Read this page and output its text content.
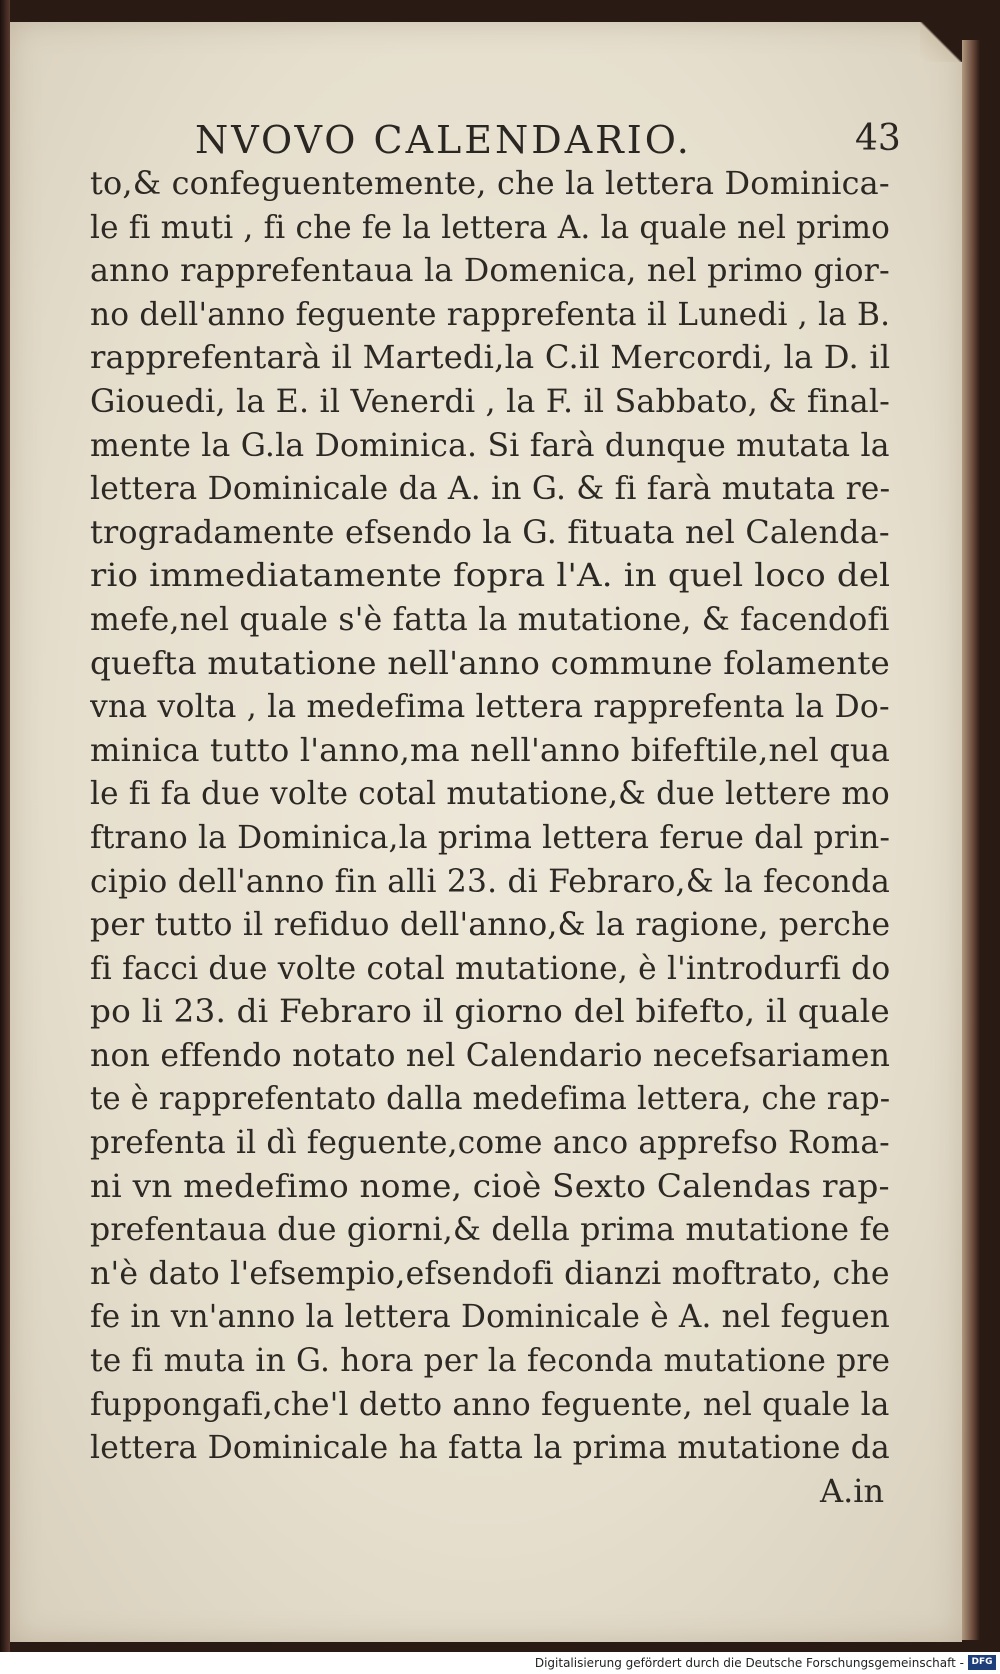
NVOVO CALENDARIO.	43
to,& confeguentemente, che la lettera Dominica-
le fi muti , fi che fe la lettera A. la quale nel primo
anno rapprefentaua la Domenica, nel primo gior-
no dell'anno feguente rapprefenta il Lunedi , la B.
rapprefentarà il Martedi,la C.il Mercordi, la D. il
Giouedi, la E. il Venerdi , la F. il Sabbato, & final-
mente la G.la Dominica. Si farà dunque mutata la
lettera Dominicale da A. in G. & fi farà mutata re-
trogradamente efsendo la G. fituata nel Calenda-
rio immediatamente fopra l'A. in quel loco del
mefe,nel quale s'è fatta la mutatione, & facendofi
quefta mutatione nell'anno commune folamente
vna volta , la medefima lettera rapprefenta la Do-
minica tutto l'anno,ma nell'anno bifeftile,nel qua
le fi fa due volte cotal mutatione,& due lettere mo
ftrano la Dominica,la prima lettera ferue dal prin-
cipio dell'anno fin alli 23. di Febraro,& la feconda
per tutto il refiduo dell'anno,& la ragione, perche
fi facci due volte cotal mutatione, è l'introdurfi do
po li 23. di Febraro il giorno del bifefto, il quale
non effendo notato nel Calendario necefsariamen
te è rapprefentato dalla medefima lettera, che rap-
prefenta il dì feguente,come anco apprefso Roma-
ni vn medefimo nome, cioè Sexto Calendas rap-
prefentaua due giorni,& della prima mutatione fe
n'è dato l'efsempio,efsendofi dianzi moftrato, che
fe in vn'anno la lettera Dominicale è A. nel feguen
te fi muta in G. hora per la feconda mutatione pre
fuppongafi,che'l detto anno feguente, nel quale la
lettera Dominicale ha fatta la prima mutatione da
A.in
Digitalisierung gefördert durch die Deutsche Forschungsgemeinschaft - DFG
